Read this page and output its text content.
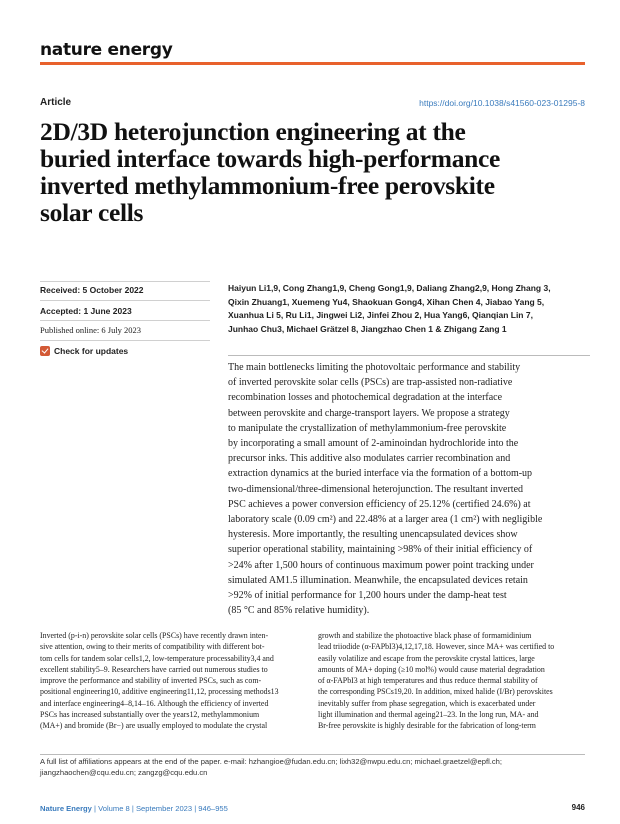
nature energy
Article	https://doi.org/10.1038/s41560-023-01295-8
2D/3D heterojunction engineering at the
buried interface towards high-performance
inverted methylammonium-free perovskite
solar cells
Received: 5 October 2022
Accepted: 1 June 2023
Published online: 6 July 2023
Check for updates
Haiyun Li1,9, Cong Zhang1,9, Cheng Gong1,9, Daliang Zhang2,9, Hong Zhang 3,
Qixin Zhuang1, Xuemeng Yu4, Shaokuan Gong4, Xihan Chen 4, Jiabao Yang 5,
Xuanhua Li 5, Ru Li1, Jingwei Li2, Jinfei Zhou 2, Hua Yang6, Qianqian Lin 7,
Junhao Chu3, Michael Grätzel 8, Jiangzhao Chen 1 & Zhigang Zang 1
The main bottlenecks limiting the photovoltaic performance and stability
of inverted perovskite solar cells (PSCs) are trap-assisted non-radiative
recombination losses and photochemical degradation at the interface
between perovskite and charge-transport layers. We propose a strategy
to manipulate the crystallization of methylammonium-free perovskite
by incorporating a small amount of 2-aminoindan hydrochloride into the
precursor inks. This additive also modulates carrier recombination and
extraction dynamics at the buried interface via the formation of a bottom-up
two-dimensional/three-dimensional heterojunction. The resultant inverted
PSC achieves a power conversion efficiency of 25.12% (certified 24.6%) at
laboratory scale (0.09 cm²) and 22.48% at a larger area (1 cm²) with negligible
hysteresis. More importantly, the resulting unencapsulated devices show
superior operational stability, maintaining >98% of their initial efficiency of
>24% after 1,500 hours of continuous maximum power point tracking under
simulated AM1.5 illumination. Meanwhile, the encapsulated devices retain
>92% of initial performance for 1,200 hours under the damp-heat test
(85 °C and 85% relative humidity).
Inverted (p-i-n) perovskite solar cells (PSCs) have recently drawn inten-
sive attention, owing to their merits of compatibility with different bot-
tom cells for tandem solar cells1,2, low-temperature processability3,4 and
excellent stability5–9. Researchers have carried out numerous studies to
improve the performance and stability of inverted PSCs, such as com-
positional engineering10, additive engineering11,12, processing methods13
and interface engineering4–8,14–16. Although the efficiency of inverted
PSCs has increased substantially over the years12, methylammonium
(MA+) and bromide (Br−) are usually employed to modulate the crystal
growth and stabilize the photoactive black phase of formamidinium
lead triiodide (α-FAPbI3)4,12,17,18. However, since MA+ was certified to
easily volatilize and escape from the perovskite crystal lattices, large
amounts of MA+ doping (≥10 mol%) would cause material degradation
of α-FAPbI3 at high temperatures and thus reduce thermal stability of
the corresponding PSCs19,20. In addition, mixed halide (I/Br) perovskites
inevitably suffer from phase segregation, which is exacerbated under
light illumination and thermal ageing21–23. In the long run, MA- and
Br-free perovskite is highly desirable for the fabrication of long-term
A full list of affiliations appears at the end of the paper. e-mail: hzhangioe@fudan.edu.cn; lixh32@nwpu.edu.cn; michael.graetzel@epfl.ch;
jiangzhaochen@cqu.edu.cn; zangzg@cqu.edu.cn
Nature Energy | Volume 8 | September 2023 | 946–955	946
